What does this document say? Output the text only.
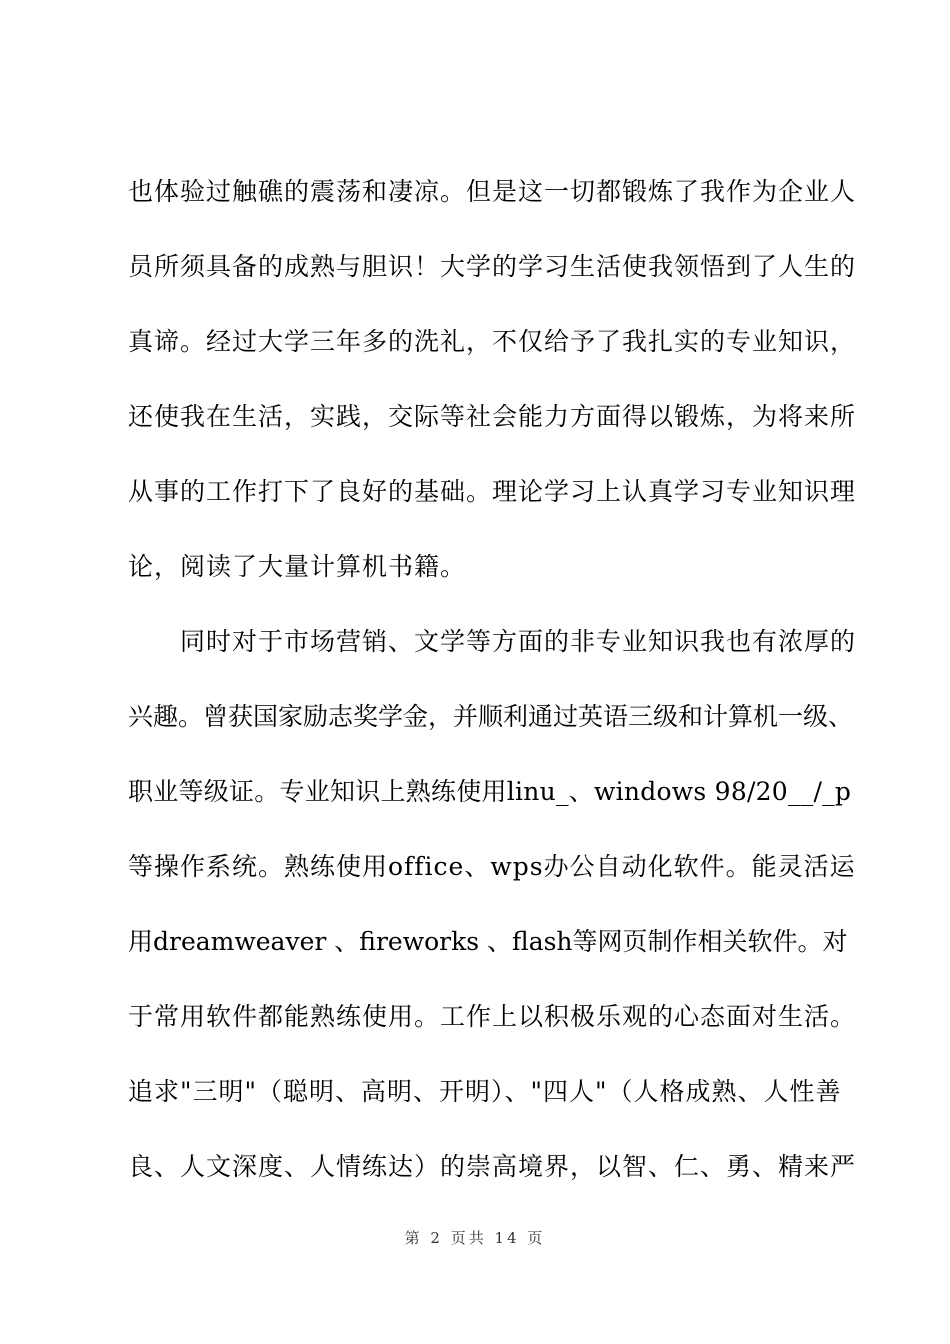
也体验过触礁的震荡和凄凉。但是这一切都锻炼了我作为企业人
员所须具备的成熟与胆识！大学的学习生活使我领悟到了人生的
真谛。经过大学三年多的洗礼，不仅给予了我扎实的专业知识，
还使我在生活，实践，交际等社会能力方面得以锻炼，为将来所
从事的工作打下了良好的基础。理论学习上认真学习专业知识理
论，阅读了大量计算机书籍。
同时对于市场营销、文学等方面的非专业知识我也有浓厚的
兴趣。曾获国家励志奖学金，并顺利通过英语三级和计算机一级、
职业等级证。专业知识上熟练使用linu_、windows 98/20__/_p
等操作系统。熟练使用office、wps办公自动化软件。能灵活运
用dreamweaver 、fireworks 、flash等网页制作相关软件。对
于常用软件都能熟练使用。工作上以积极乐观的心态面对生活。
追求"三明"（聪明、高明、开明）、"四人"（人格成熟、人性善
良、人文深度、人情练达）的崇高境界，以智、仁、勇、精来严
第 2 页共 14 页
